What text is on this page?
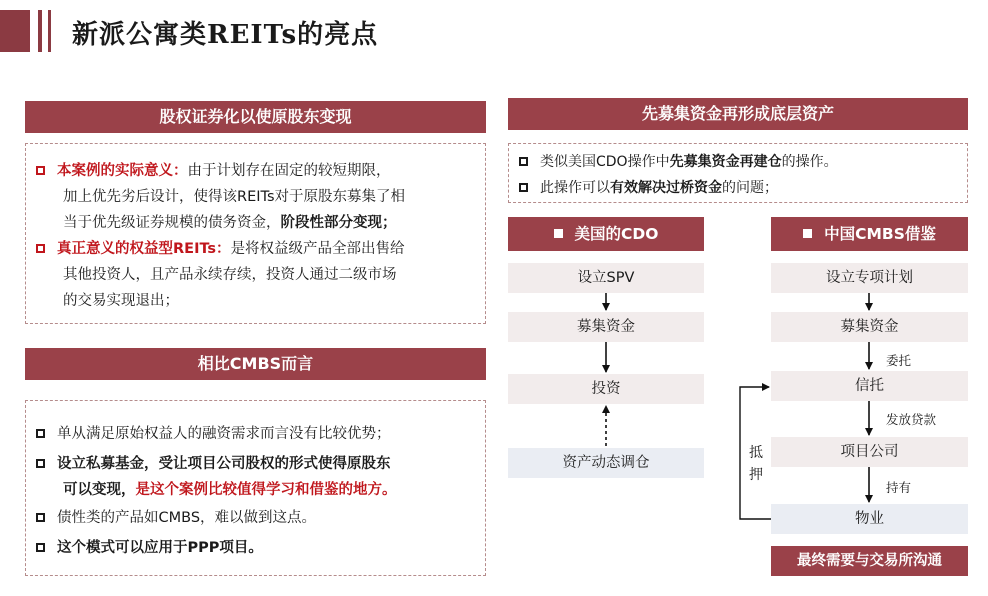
新派公寓类REITs的亮点
股权证券化以使原股东变现
本案例的实际意义：由于计划存在固定的较短期限，
加上优先劣后设计，使得该REITs对于原股东募集了相
当于优先级证券规模的债务资金，阶段性部分变现；
真正意义的权益型REITs：是将权益级产品全部出售给
其他投资人，且产品永续存续，投资人通过二级市场
的交易实现退出；
相比CMBS而言
单从满足原始权益人的融资需求而言没有比较优势；
设立私募基金，受让项目公司股权的形式使得原股东
可以变现，是这个案例比较值得学习和借鉴的地方。
债性类的产品如CMBS，难以做到这点。
这个模式可以应用于PPP项目。
先募集资金再形成底层资产
类似美国CDO操作中先募集资金再建仓的操作。
此操作可以有效解决过桥资金的问题；
美国的CDO
设立SPV
募集资金
投资
资产动态调仓
中国CMBS借鉴
设立专项计划
募集资金
信托
项目公司
物业
委托
发放贷款
持有
抵
押
最终需要与交易所沟通
